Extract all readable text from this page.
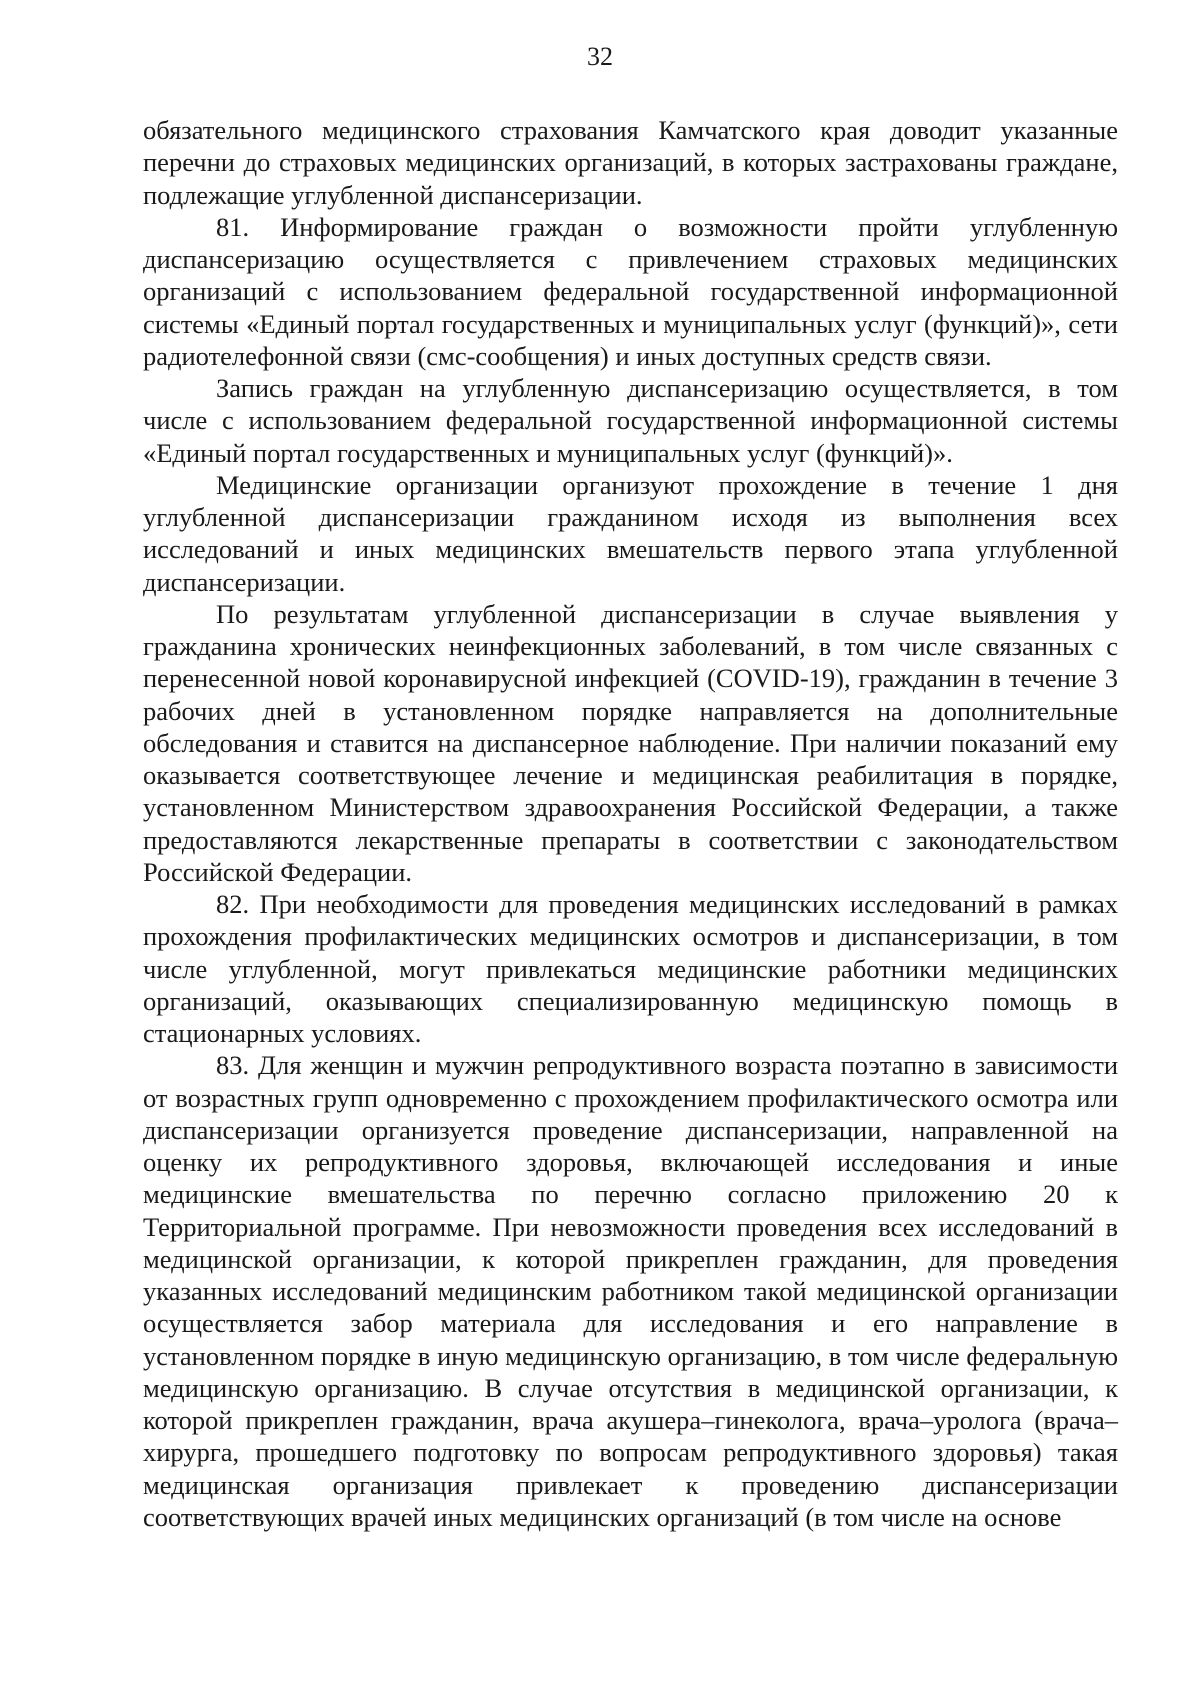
32

обязательного медицинского страхования Камчатского края доводит указанные перечни до страховых медицинских организаций, в которых застрахованы граждане, подлежащие углубленной диспансеризации.

81. Информирование граждан о возможности пройти углубленную диспансеризацию осуществляется с привлечением страховых медицинских организаций с использованием федеральной государственной информационной системы «Единый портал государственных и муниципальных услуг (функций)», сети радиотелефонной связи (смс-сообщения) и иных доступных средств связи.

Запись граждан на углубленную диспансеризацию осуществляется, в том числе с использованием федеральной государственной информационной системы «Единый портал государственных и муниципальных услуг (функций)».

Медицинские организации организуют прохождение в течение 1 дня углубленной диспансеризации гражданином исходя из выполнения всех исследований и иных медицинских вмешательств первого этапа углубленной диспансеризации.

По результатам углубленной диспансеризации в случае выявления у гражданина хронических неинфекционных заболеваний, в том числе связанных с перенесенной новой коронавирусной инфекцией (COVID-19), гражданин в течение 3 рабочих дней в установленном порядке направляется на дополнительные обследования и ставится на диспансерное наблюдение. При наличии показаний ему оказывается соответствующее лечение и медицинская реабилитация в порядке, установленном Министерством здравоохранения Российской Федерации, а также предоставляются лекарственные препараты в соответствии с законодательством Российской Федерации.

82. При необходимости для проведения медицинских исследований в рамках прохождения профилактических медицинских осмотров и диспансеризации, в том числе углубленной, могут привлекаться медицинские работники медицинских организаций, оказывающих специализированную медицинскую помощь в стационарных условиях.

83. Для женщин и мужчин репродуктивного возраста поэтапно в зависимости от возрастных групп одновременно с прохождением профилактического осмотра или диспансеризации организуется проведение диспансеризации, направленной на оценку их репродуктивного здоровья, включающей исследования и иные медицинские вмешательства по перечню согласно приложению 20 к Территориальной программе. При невозможности проведения всех исследований в медицинской организации, к которой прикреплен гражданин, для проведения указанных исследований медицинским работником такой медицинской организации осуществляется забор материала для исследования и его направление в установленном порядке в иную медицинскую организацию, в том числе федеральную медицинскую организацию. В случае отсутствия в медицинской организации, к которой прикреплен гражданин, врача акушера–гинеколога, врача–уролога (врача–хирурга, прошедшего подготовку по вопросам репродуктивного здоровья) такая медицинская организация привлекает к проведению диспансеризации соответствующих врачей иных медицинских организаций (в том числе на основе
